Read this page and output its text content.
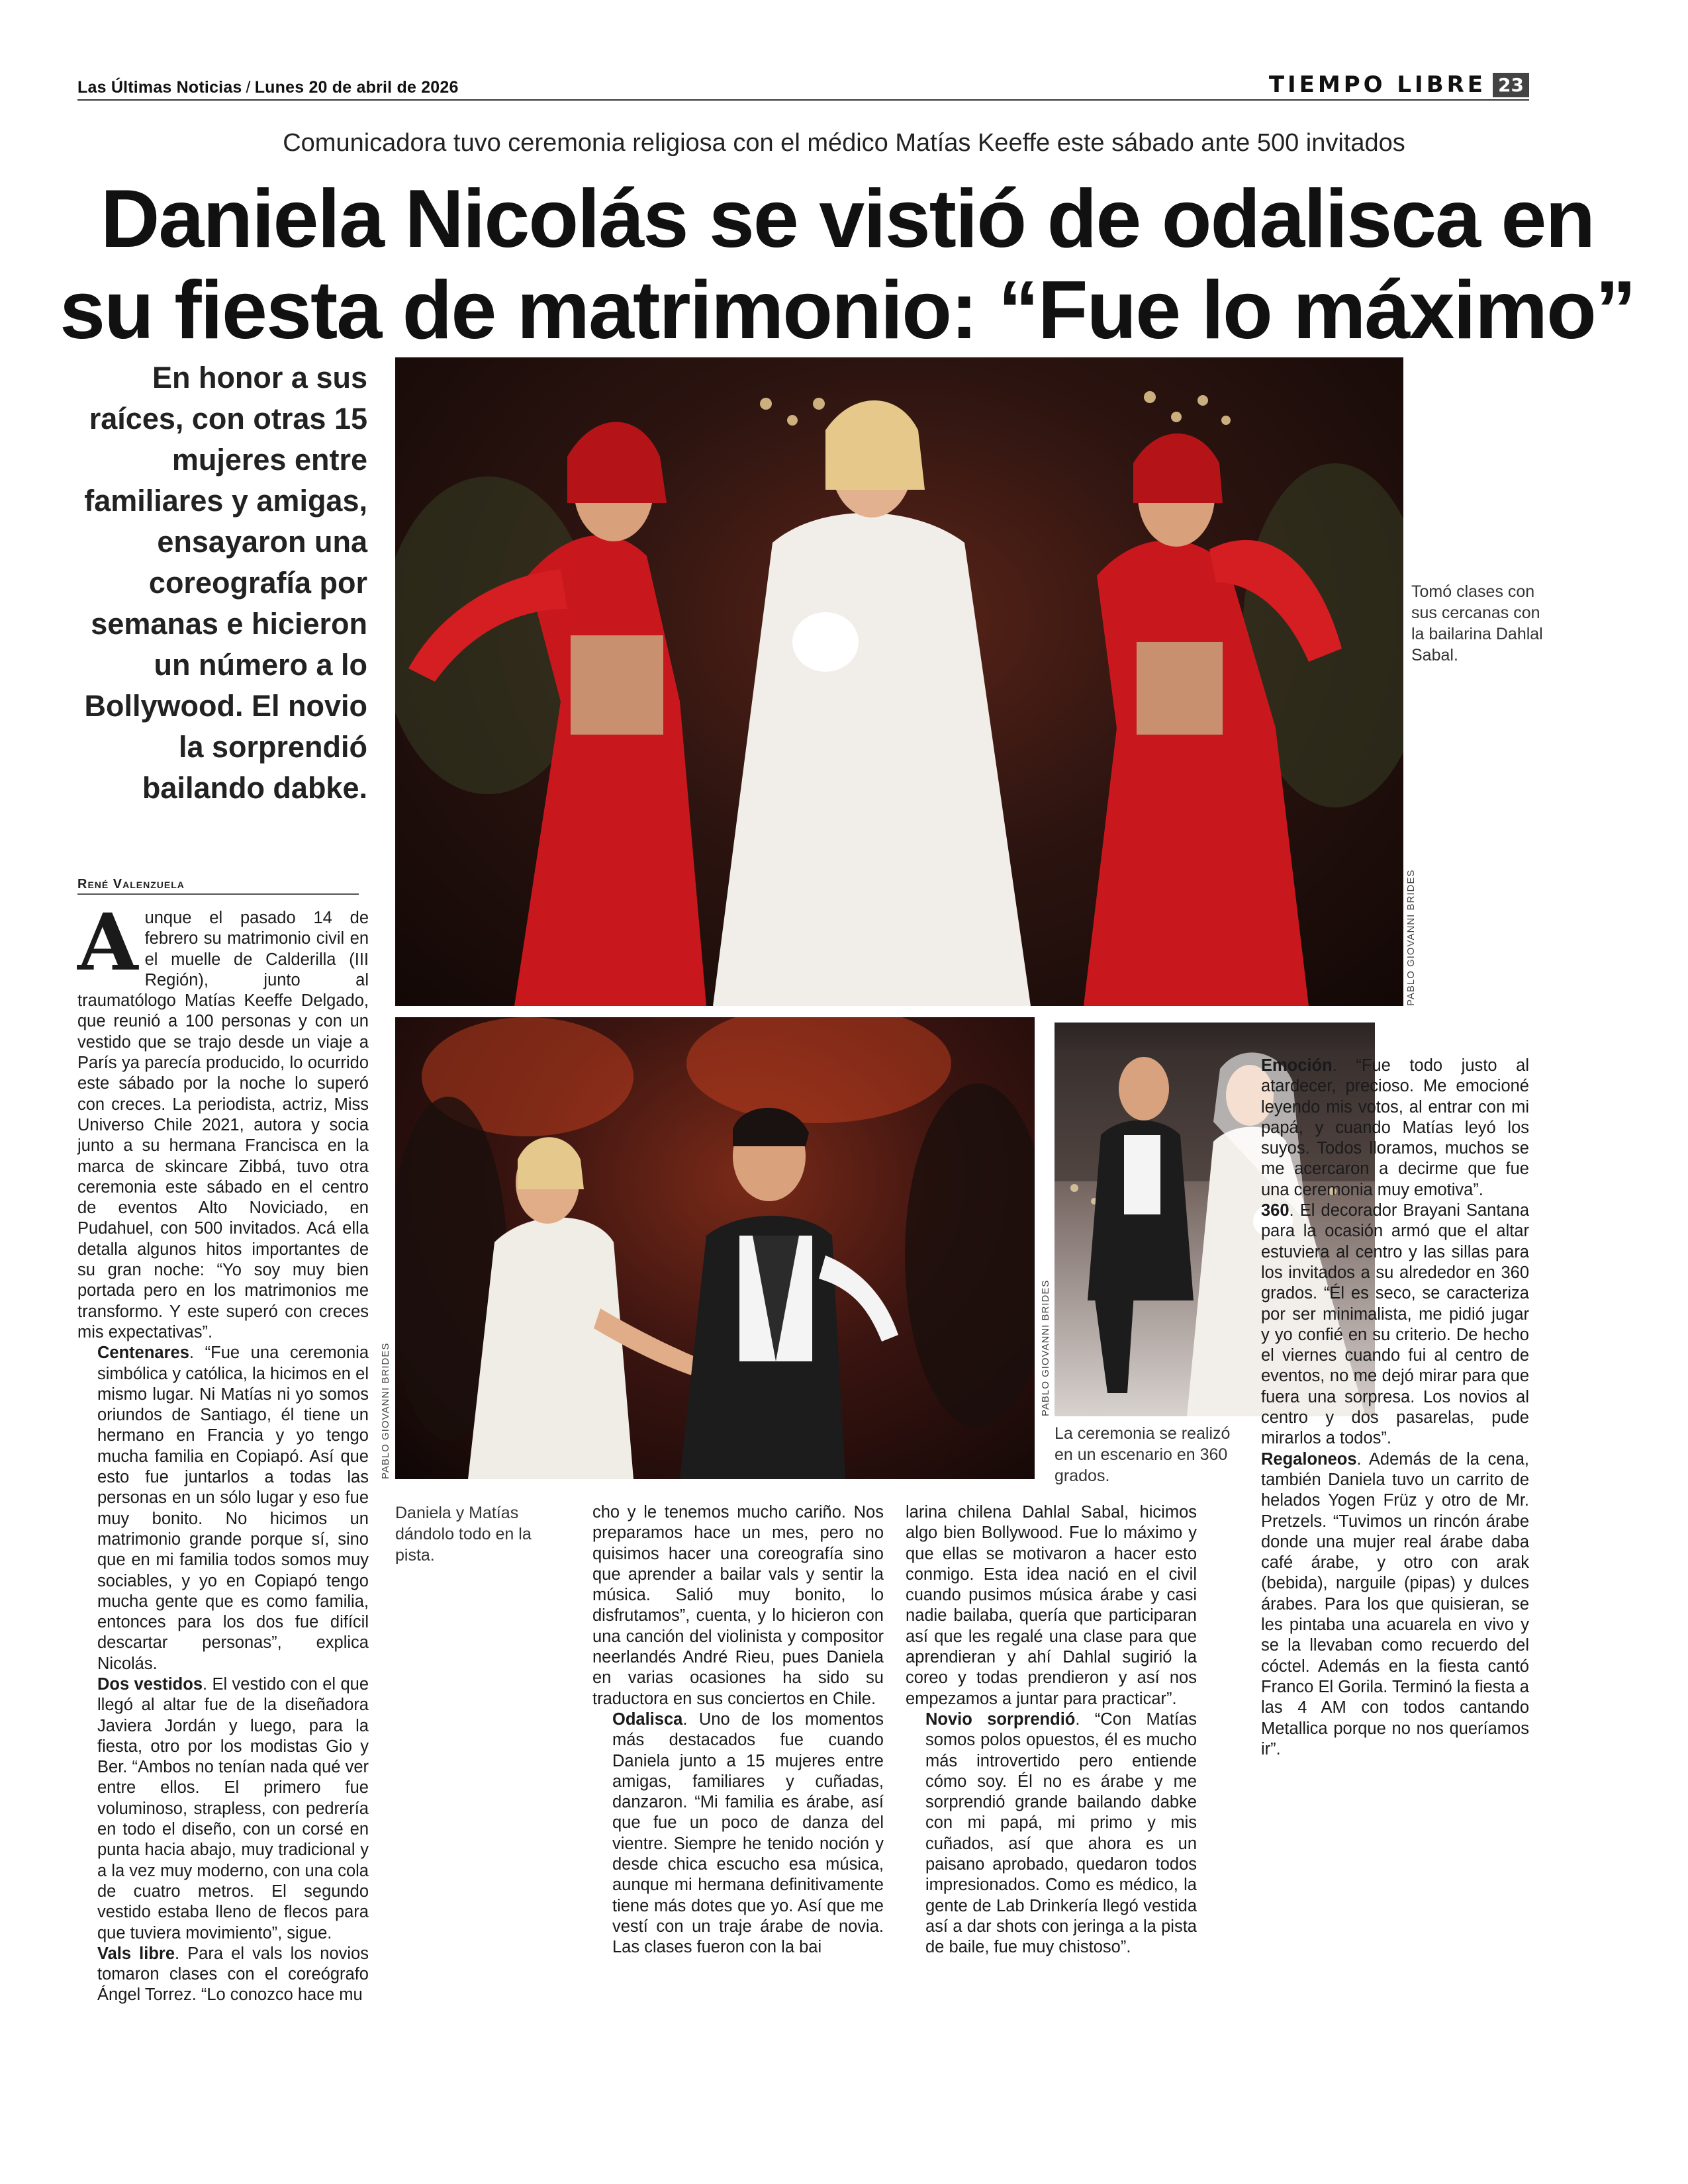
Las Últimas Noticias / Lunes 20 de abril de 2026	TIEMPO LIBRE 23
Comunicadora tuvo ceremonia religiosa con el médico Matías Keeffe este sábado ante 500 invitados
Daniela Nicolás se vistió de odalisca en su fiesta de matrimonio: “Fue lo máximo”
En honor a sus raíces, con otras 15 mujeres entre familiares y amigas, ensayaron una coreografía por semanas e hicieron un número a lo Bollywood. El novio la sorprendió bailando dabke.
PABLO GIOVANNI BRIDES
Tomó clases con sus cercanas con la bailarina Dahlal Sabal.
PABLO GIOVANNI BRIDES
Daniela y Matías dándolo todo en la pista.
PABLO GIOVANNI BRIDES
La ceremonia se realizó en un escenario en 360 grados.
René Valenzuela

Aunque el pasado 14 de febrero su matrimonio civil en el muelle de Calderilla (III Región), junto al traumatólogo Matías Keeffe Delgado, que reunió a 100 personas y con un vestido que se trajo desde un viaje a París ya parecía producido, lo ocurrido este sábado por la noche lo superó con creces. La periodista, actriz, Miss Universo Chile 2021, autora y socia junto a su hermana Francisca en la marca de skincare Zibbá, tuvo otra ceremonia este sábado en el centro de eventos Alto Noviciado, en Pudahuel, con 500 invitados. Acá ella detalla algunos hitos importantes de su gran noche: “Yo soy muy bien portada pero en los matrimonios me transformo. Y este superó con creces mis expectativas”.

Centenares. “Fue una ceremonia simbólica y católica, la hicimos en el mismo lugar. Ni Matías ni yo somos oriundos de Santiago, él tiene un hermano en Francia y yo tengo mucha familia en Copiapó. Así que esto fue juntarlos a todas las personas en un sólo lugar y eso fue muy bonito. No hicimos un matrimonio grande porque sí, sino que en mi familia todos somos muy sociables, y yo en Copiapó tengo mucha gente que es como familia, entonces para los dos fue difícil descartar personas”, explica Nicolás.

Dos vestidos. El vestido con el que llegó al altar fue de la diseñadora Javiera Jordán y luego, para la fiesta, otro por los modistas Gio y Ber. “Ambos no tenían nada qué ver entre ellos. El primero fue voluminoso, strapless, con pedrería en todo el diseño, con un corsé en punta hacia abajo, muy tradicional y a la vez muy moderno, con una cola de cuatro metros. El segundo vestido estaba lleno de flecos para que tuviera movimiento”, sigue.

Vals libre. Para el vals los novios tomaron clases con el coreógrafo Ángel Torrez. “Lo conozco hace mu

cho y le tenemos mucho cariño. Nos preparamos hace un mes, pero no quisimos hacer una coreografía sino que aprender a bailar vals y sentir la música. Salió muy bonito, lo disfrutamos”, cuenta, y lo hicieron con una canción del violinista y compositor neerlandés André Rieu, pues Daniela en varias ocasiones ha sido su traductora en sus conciertos en Chile.

Odalisca. Uno de los momentos más destacados fue cuando Daniela junto a 15 mujeres entre amigas, familiares y cuñadas, danzaron. “Mi familia es árabe, así que fue un poco de danza del vientre. Siempre he tenido noción y desde chica escucho esa música, aunque mi hermana definitivamente tiene más dotes que yo. Así que me vestí con un traje árabe de novia. Las clases fueron con la bai

larina chilena Dahlal Sabal, hicimos algo bien Bollywood. Fue lo máximo y que ellas se motivaron a hacer esto conmigo. Esta idea nació en el civil cuando pusimos música árabe y casi nadie bailaba, quería que participaran así que les regalé una clase para que aprendieran y ahí Dahlal sugirió la coreo y todas prendieron y así nos empezamos a juntar para practicar”.

Novio sorprendió. “Con Matías somos polos opuestos, él es mucho más introvertido pero entiende cómo soy. Él no es árabe y me sorprendió grande bailando dabke con mi papá, mi primo y mis cuñados, así que ahora es un paisano aprobado, quedaron todos impresionados. Como es médico, la gente de Lab Drinkería llegó vestida así a dar shots con jeringa a la pista de baile, fue muy chistoso”.

Emoción. “Fue todo justo al atardecer, precioso. Me emocioné leyendo mis votos, al entrar con mi papá, y cuando Matías leyó los suyos. Todos lloramos, muchos se me acercaron a decirme que fue una ceremonia muy emotiva”.

360. El decorador Brayani Santana para la ocasión armó que el altar estuviera al centro y las sillas para los invitados a su alrededor en 360 grados. “Él es seco, se caracteriza por ser minimalista, me pidió jugar y yo confié en su criterio. De hecho el viernes cuando fui al centro de eventos, no me dejó mirar para que fuera una sorpresa. Los novios al centro y dos pasarelas, pude mirarlos a todos”.

Regaloneos. Además de la cena, también Daniela tuvo un carrito de helados Yogen Früz y otro de Mr. Pretzels. “Tuvimos un rincón árabe donde una mujer real árabe daba café árabe, y otro con arak (bebida), narguile (pipas) y dulces árabes. Para los que quisieran, se les pintaba una acuarela en vivo y se la llevaban como recuerdo del cóctel. Además en la fiesta cantó Franco El Gorila. Terminó la fiesta a las 4 AM con todos cantando Metallica porque no nos queríamos ir”.
